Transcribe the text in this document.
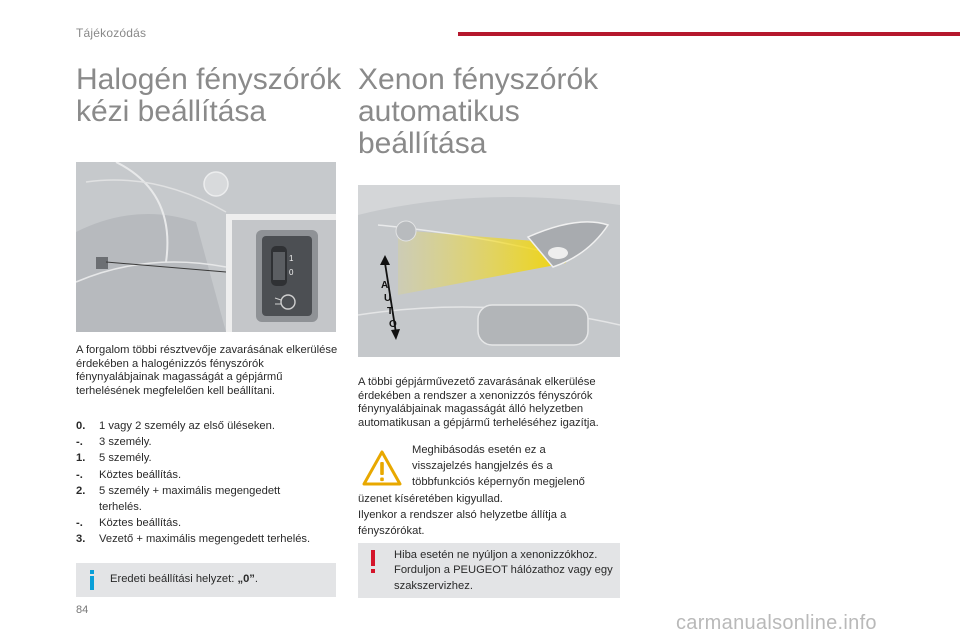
Tájékozódás
Halogén fényszórók
kézi beállítása
Xenon fényszórók
automatikus
beállítása
1
0
A
U
T
O

A forgalom többi résztvevője zavarásának elkerülése érdekében a halogénizzós fényszórók fénynyalábjainak magasságát a gépjármű terhelésének megfelelően kell beállítani.

0.	1 vagy 2 személy az első üléseken.
-.	3 személy.
1.	5 személy.
-.	Köztes beállítás.
2.	5 személy + maximális megengedett
terhelés.
-.	Köztes beállítás.
3.	Vezető + maximális megengedett terhelés.
Eredeti beállítási helyzet: „0”.

A többi gépjárművezető zavarásának elkerülése érdekében a rendszer a xenonizzós fényszórók fénynyalábjainak magasságát álló helyzetben automatikusan a gépjármű terheléséhez igazítja.

Meghibásodás esetén ez a
visszajelzés hangjelzés és a
többfunkciós képernyőn megjelenő
üzenet kíséretében kigyullad.
Ilyenkor a rendszer alsó helyzetbe állítja a
fényszórókat.

Hiba esetén ne nyúljon a xenonizzókhoz. Forduljon a PEUGEOT hálózathoz vagy egy szakszervizhez.

84
carmanualsonline.info
